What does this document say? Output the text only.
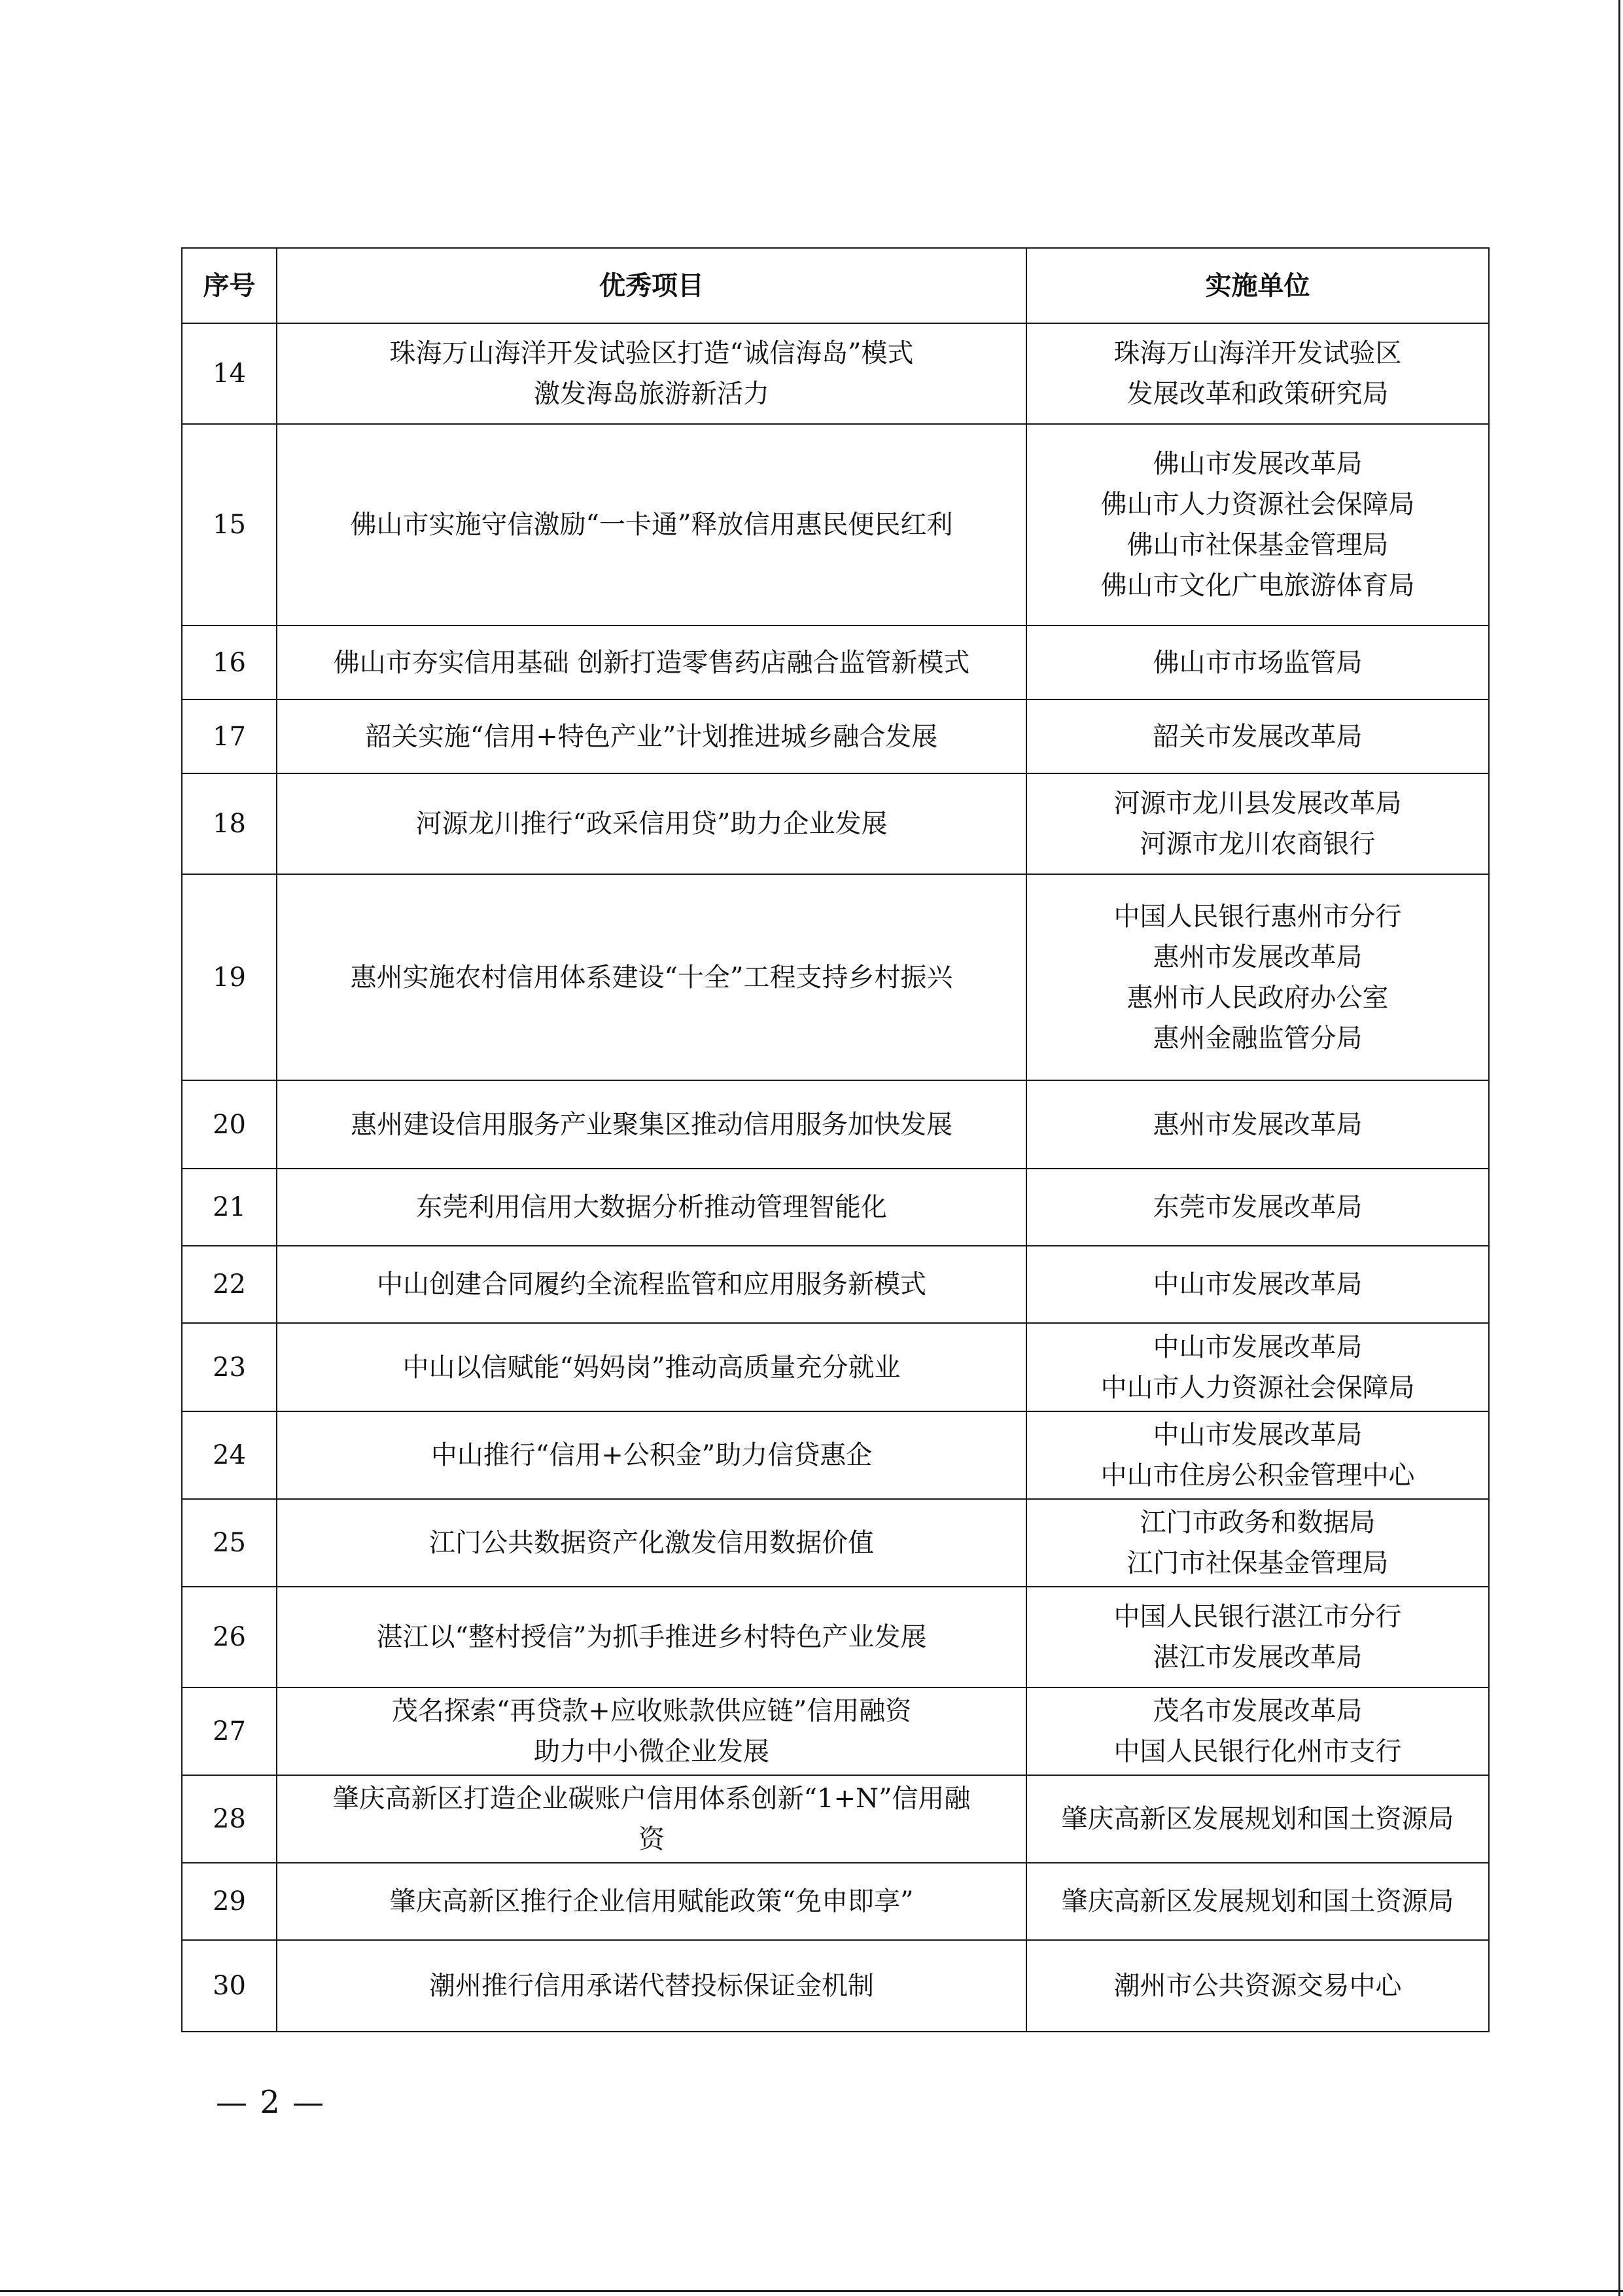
序号	优秀项目	实施单位
14	珠海万山海洋开发试验区打造“诚信海岛”模式
激发海岛旅游新活力	珠海万山海洋开发试验区
发展改革和政策研究局

15	佛山市实施守信激励“一卡通”释放信用惠民便民红利	佛山市发展改革局
佛山市人力资源社会保障局
佛山市社保基金管理局
佛山市文化广电旅游体育局

16	佛山市夯实信用基础 创新打造零售药店融合监管新模式	佛山市市场监管局

17	韶关实施“信用+特色产业”计划推进城乡融合发展	韶关市发展改革局

18	河源龙川推行“政采信用贷”助力企业发展	河源市龙川县发展改革局
河源市龙川农商银行

19	惠州实施农村信用体系建设“十全”工程支持乡村振兴	中国人民银行惠州市分行
惠州市发展改革局
惠州市人民政府办公室
惠州金融监管分局

20	惠州建设信用服务产业聚集区推动信用服务加快发展	惠州市发展改革局

21	东莞利用信用大数据分析推动管理智能化	东莞市发展改革局

22	中山创建合同履约全流程监管和应用服务新模式	中山市发展改革局

23	中山以信赋能“妈妈岗”推动高质量充分就业	中山市发展改革局
中山市人力资源社会保障局

24	中山推行“信用+公积金”助力信贷惠企	中山市发展改革局
中山市住房公积金管理中心

25	江门公共数据资产化激发信用数据价值	江门市政务和数据局
江门市社保基金管理局

26	湛江以“整村授信”为抓手推进乡村特色产业发展	中国人民银行湛江市分行
湛江市发展改革局

27	茂名探索“再贷款+应收账款供应链”信用融资
助力中小微企业发展	茂名市发展改革局
中国人民银行化州市支行

28	肇庆高新区打造企业碳账户信用体系创新“1+N”信用融
资	肇庆高新区发展规划和国土资源局

29	肇庆高新区推行企业信用赋能政策“免申即享”	肇庆高新区发展规划和国土资源局

30	潮州推行信用承诺代替投标保证金机制	潮州市公共资源交易中心
— 2 —
